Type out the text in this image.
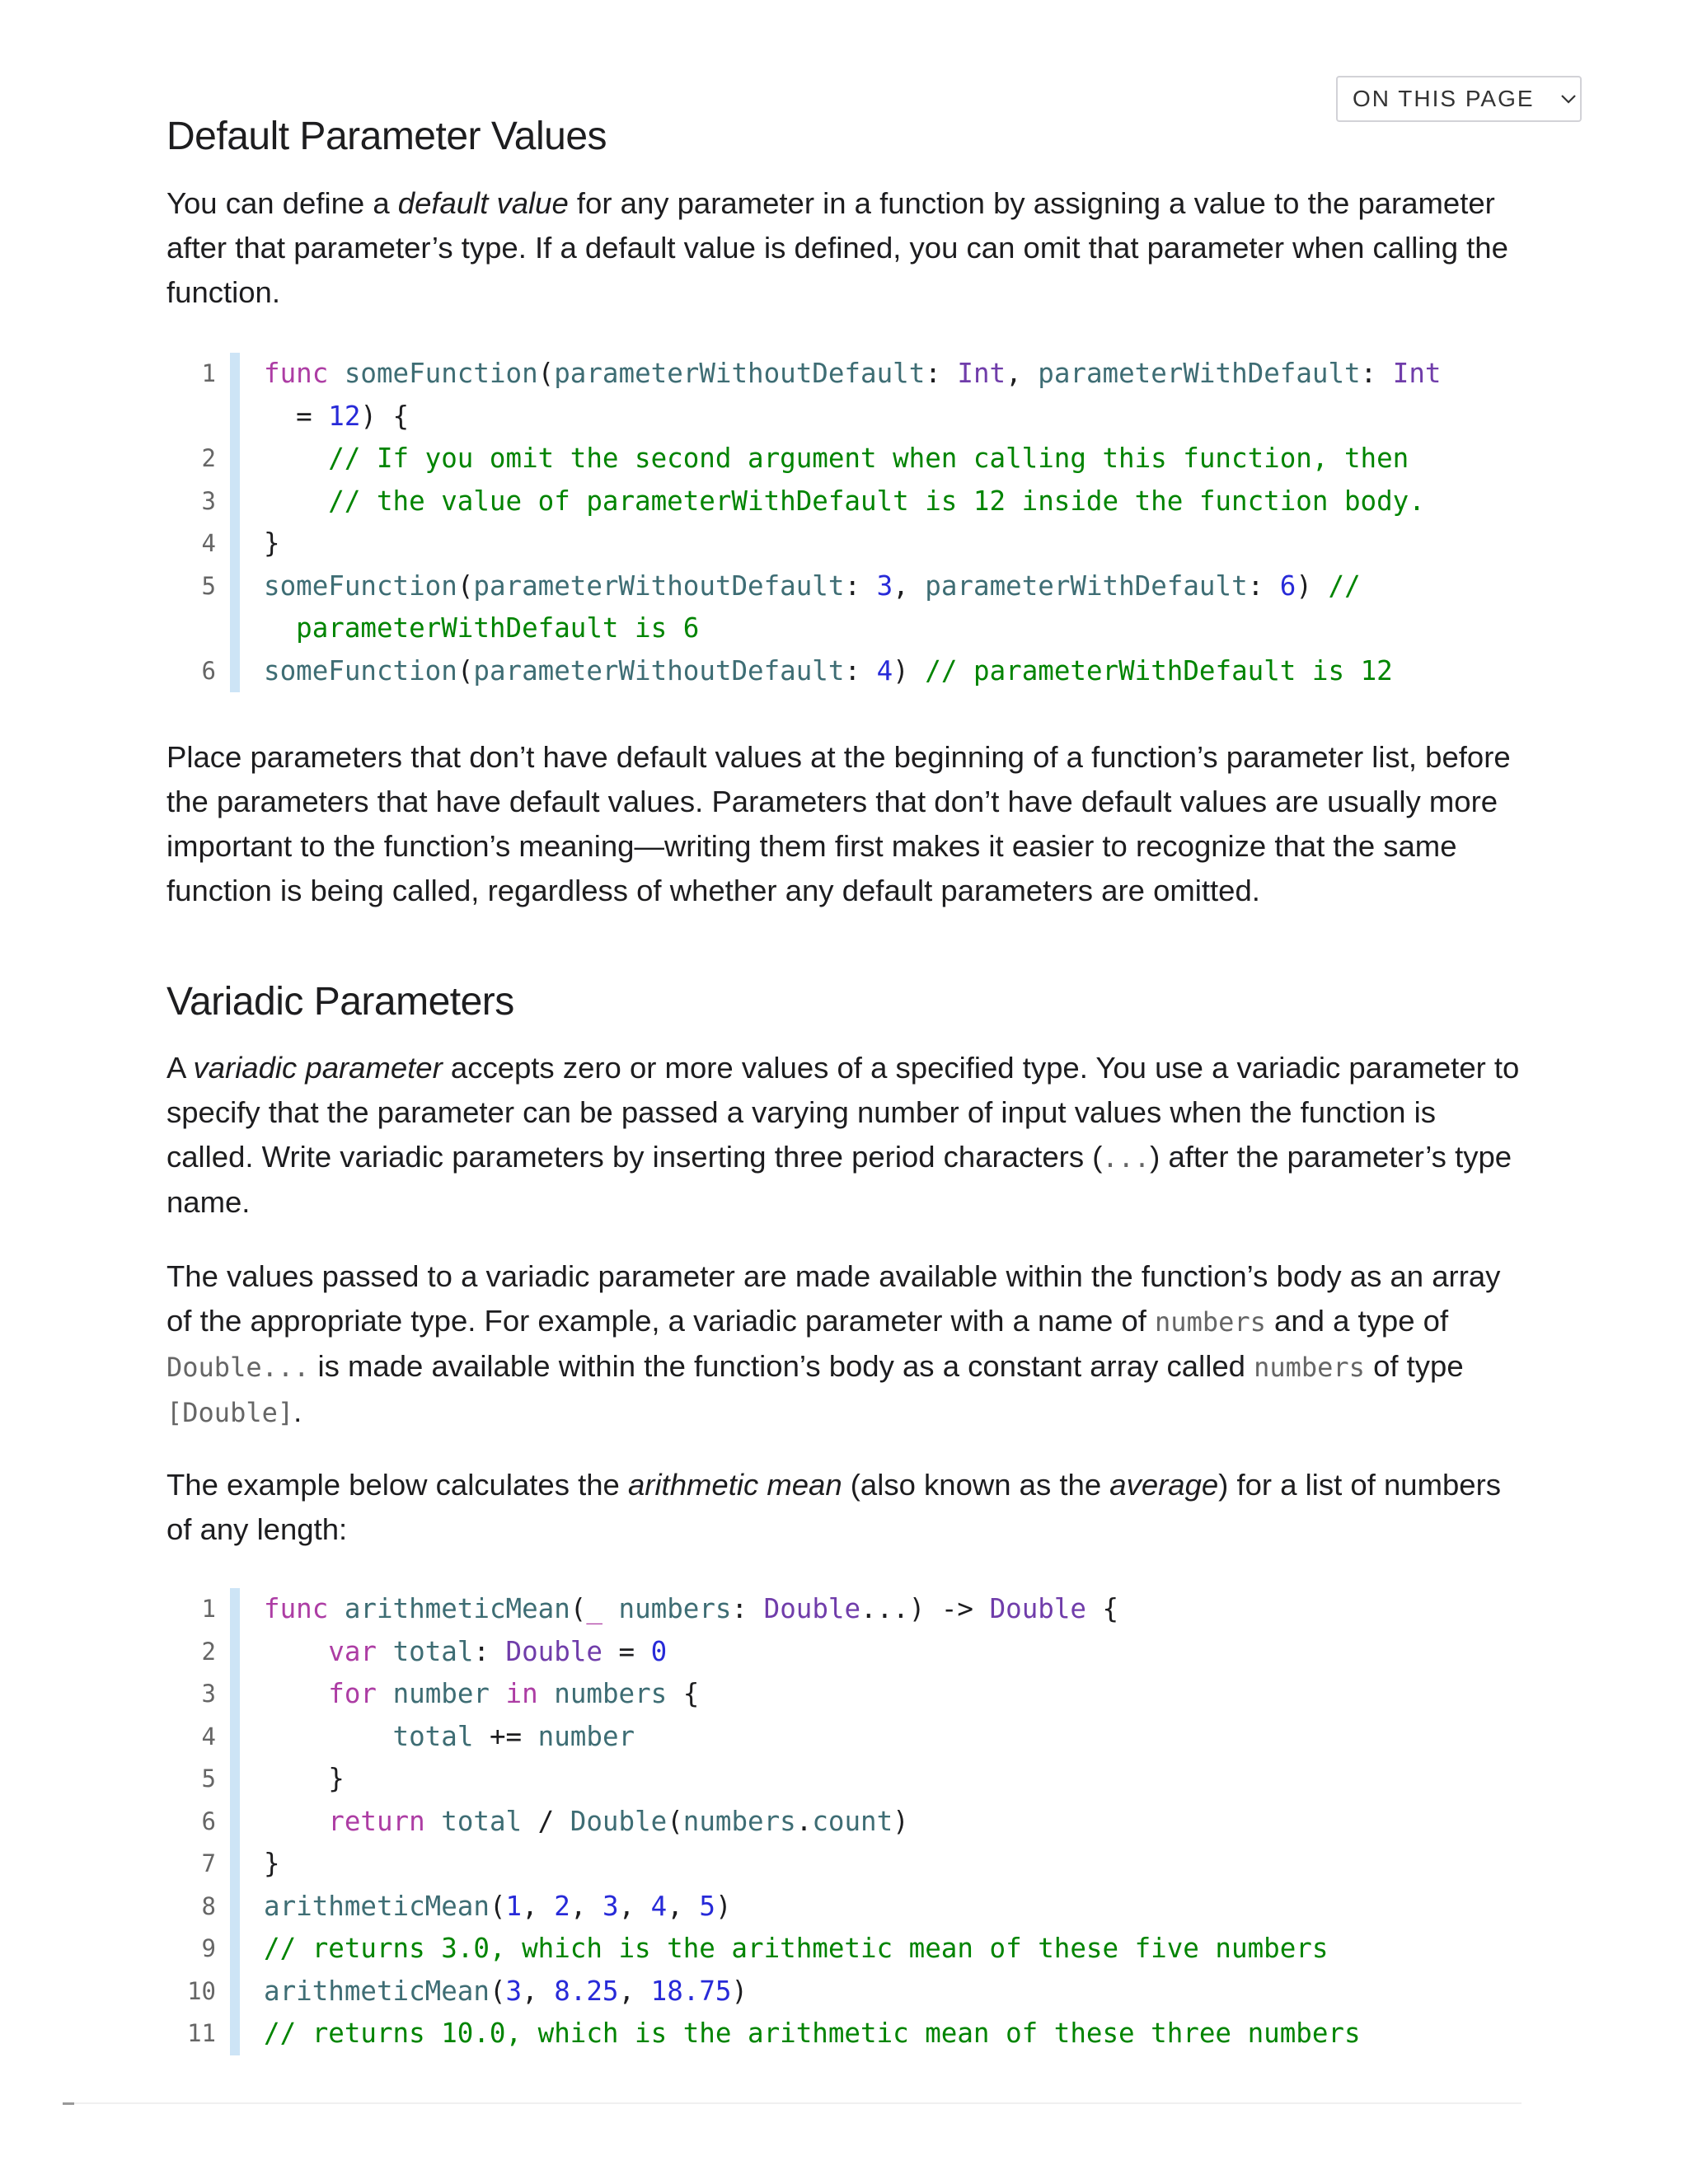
ON THIS PAGE
Default Parameter Values

You can define a default value for any parameter in a function by assigning a value to the parameter after that parameter’s type. If a default value is defined, you can omit that parameter when calling the function.

1 func someFunction(parameterWithoutDefault: Int, parameterWithDefault: Int
= 12) {
2 // If you omit the second argument when calling this function, then
3 // the value of parameterWithDefault is 12 inside the function body.
4 }
5 someFunction(parameterWithoutDefault: 3, parameterWithDefault: 6) //
parameterWithDefault is 6
6 someFunction(parameterWithoutDefault: 4) // parameterWithDefault is 12

Place parameters that don’t have default values at the beginning of a function’s parameter list, before the parameters that have default values. Parameters that don’t have default values are usually more important to the function’s meaning—writing them first makes it easier to recognize that the same function is being called, regardless of whether any default parameters are omitted.

Variadic Parameters

A variadic parameter accepts zero or more values of a specified type. You use a variadic parameter to specify that the parameter can be passed a varying number of input values when the function is called. Write variadic parameters by inserting three period characters (...) after the parameter’s type name.

The values passed to a variadic parameter are made available within the function’s body as an array of the appropriate type. For example, a variadic parameter with a name of numbers and a type of Double... is made available within the function’s body as a constant array called numbers of type [Double].

The example below calculates the arithmetic mean (also known as the average) for a list of numbers of any length:

1 func arithmeticMean(_ numbers: Double...) -> Double {
2	var total: Double = 0
3	for number in numbers {
4	total += number
5 }
6	return total / Double(numbers.count)
7 }
8 arithmeticMean(1, 2, 3, 4, 5)
9 // returns 3.0, which is the arithmetic mean of these five numbers
10 arithmeticMean(3, 8.25, 18.75)
11 // returns 10.0, which is the arithmetic mean of these three numbers
